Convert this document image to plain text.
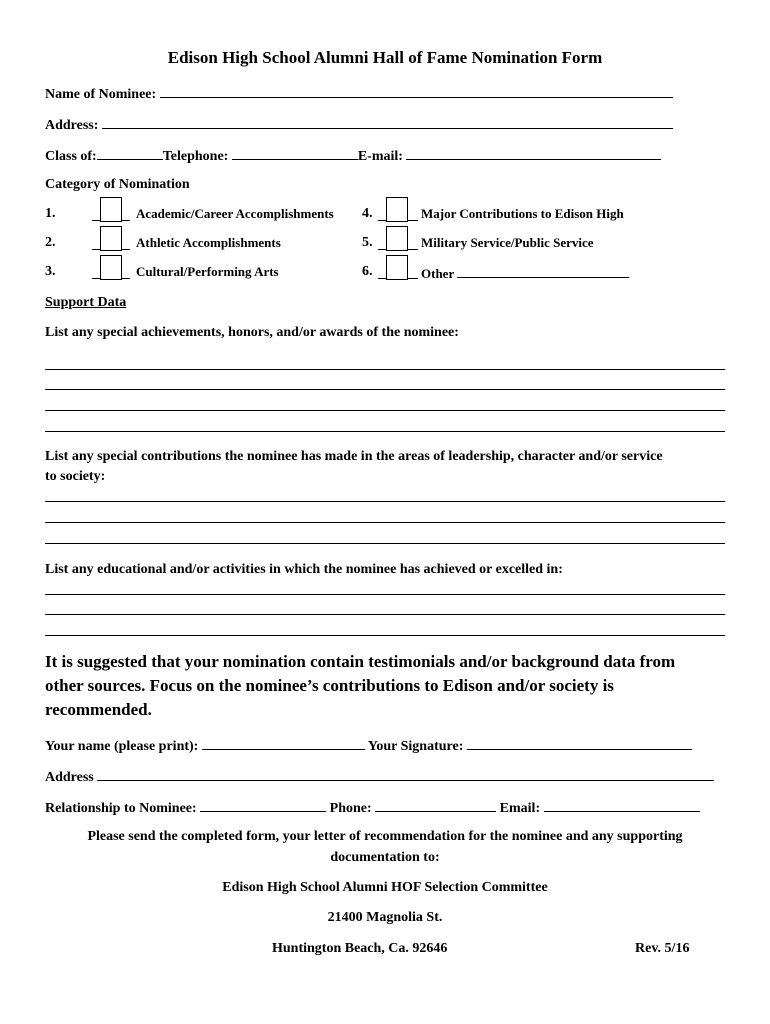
Edison High School Alumni Hall of Fame Nomination Form
Name of Nominee:
Address:
Class of:	Telephone:	E-mail:
Category of Nomination
1.	Academic/Career Accomplishments
2.	Athletic Accomplishments
3.	Cultural/Performing Arts
4.	Major Contributions to Edison High
5.	Military Service/Public Service
6.	Other
Support Data
List any special achievements, honors, and/or awards of the nominee:
List any special contributions the nominee has made in the areas of leadership, character and/or service
to society:
List any educational and/or activities in which the nominee has achieved or excelled in:
It is suggested that your nomination contain testimonials and/or background data from
other sources. Focus on the nominee’s contributions to Edison and/or society is
recommended.
Your name (please print):	Your Signature:
Address
Relationship to Nominee:	Phone:	Email:
Please send the completed form, your letter of recommendation for the nominee and any supporting
documentation to:
Edison High School Alumni HOF Selection Committee
21400 Magnolia St.
Huntington Beach, Ca. 92646	Rev. 5/16
